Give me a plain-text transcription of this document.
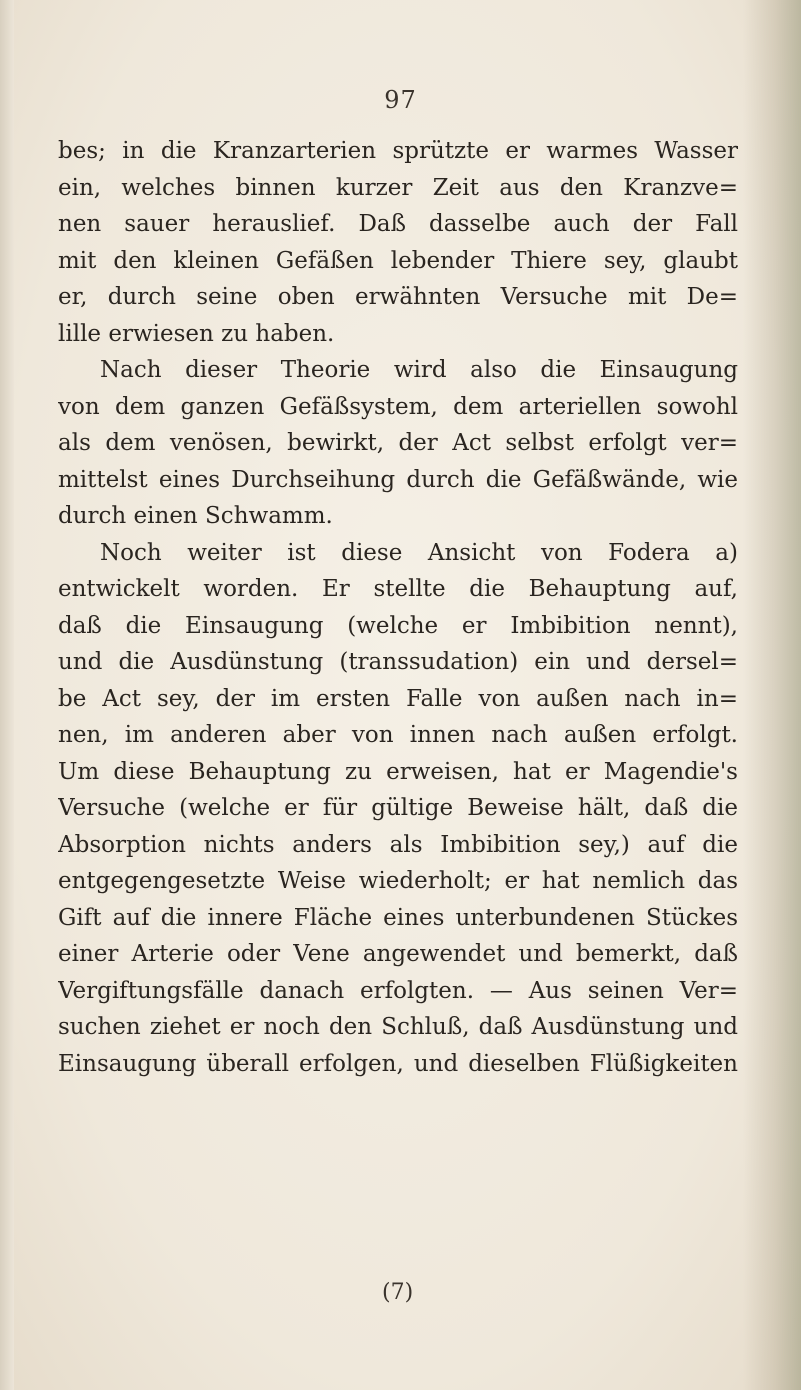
97
bes; in die Kranzarterien sprützte er warmes Wasser
ein, welches binnen kurzer Zeit aus den Kranzve=
nen sauer herauslief. Daß dasselbe auch der Fall
mit den kleinen Gefäßen lebender Thiere sey, glaubt
er, durch seine oben erwähnten Versuche mit De=
lille erwiesen zu haben.
Nach dieser Theorie wird also die Einsaugung
von dem ganzen Gefäßsystem, dem arteriellen sowohl
als dem venösen, bewirkt, der Act selbst erfolgt ver=
mittelst eines Durchseihung durch die Gefäßwände, wie
durch einen Schwamm.
Noch weiter ist diese Ansicht von Fodera a)
entwickelt worden. Er stellte die Behauptung auf,
daß die Einsaugung (welche er Imbibition nennt),
und die Ausdünstung (transsudation) ein und dersel=
be Act sey, der im ersten Falle von außen nach in=
nen, im anderen aber von innen nach außen erfolgt.
Um diese Behauptung zu erweisen, hat er Magendie's
Versuche (welche er für gültige Beweise hält, daß die
Absorption nichts anders als Imbibition sey,) auf die
entgegengesetzte Weise wiederholt; er hat nemlich das
Gift auf die innere Fläche eines unterbundenen Stückes
einer Arterie oder Vene angewendet und bemerkt, daß
Vergiftungsfälle danach erfolgten. — Aus seinen Ver=
suchen ziehet er noch den Schluß, daß Ausdünstung und
Einsaugung überall erfolgen, und dieselben Flüßigkeiten
(7)
